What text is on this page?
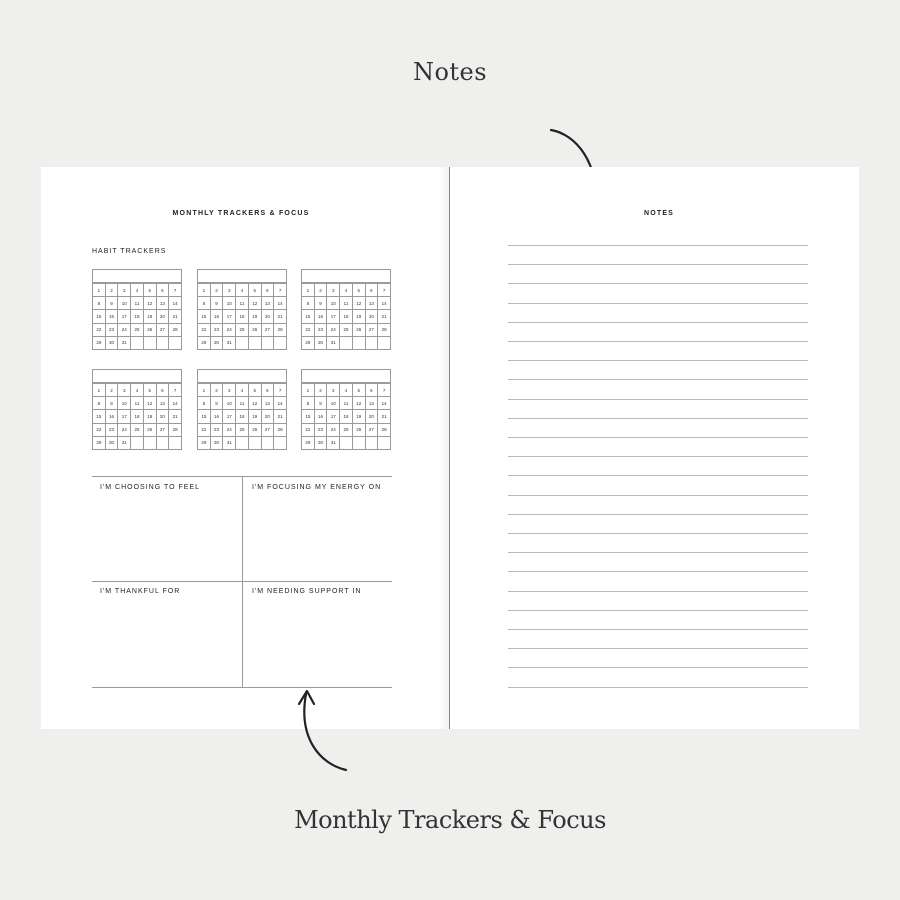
Notes
MONTHLY TRACKERS & FOCUS
HABIT TRACKERS
1	2	3	4	5	6	7
8	9	10	11	12	13	14
15	16	17	18	19	20	21
22	23	24	25	26	27	28
29	30	31
1	2	3	4	5	6	7
8	9	10	11	12	13	14
15	16	17	18	19	20	21
22	23	24	25	26	27	28
29	30	31
1	2	3	4	5	6	7
8	9	10	11	12	13	14
15	16	17	18	19	20	21
22	23	24	25	26	27	28
29	30	31
1	2	3	4	5	6	7
8	9	10	11	12	13	14
15	16	17	18	19	20	21
22	23	24	25	26	27	28
29	30	31
1	2	3	4	5	6	7
8	9	10	11	12	13	14
15	16	17	18	19	20	21
22	23	24	25	26	27	28
29	30	31
1	2	3	4	5	6	7
8	9	10	11	12	13	14
15	16	17	18	19	20	21
22	23	24	25	26	27	28
29	30	31
I'M CHOOSING TO FEEL	I'M FOCUSING MY ENERGY ON
I'M THANKFUL FOR	I'M NEEDING SUPPORT IN
NOTES
Monthly Trackers & Focus
